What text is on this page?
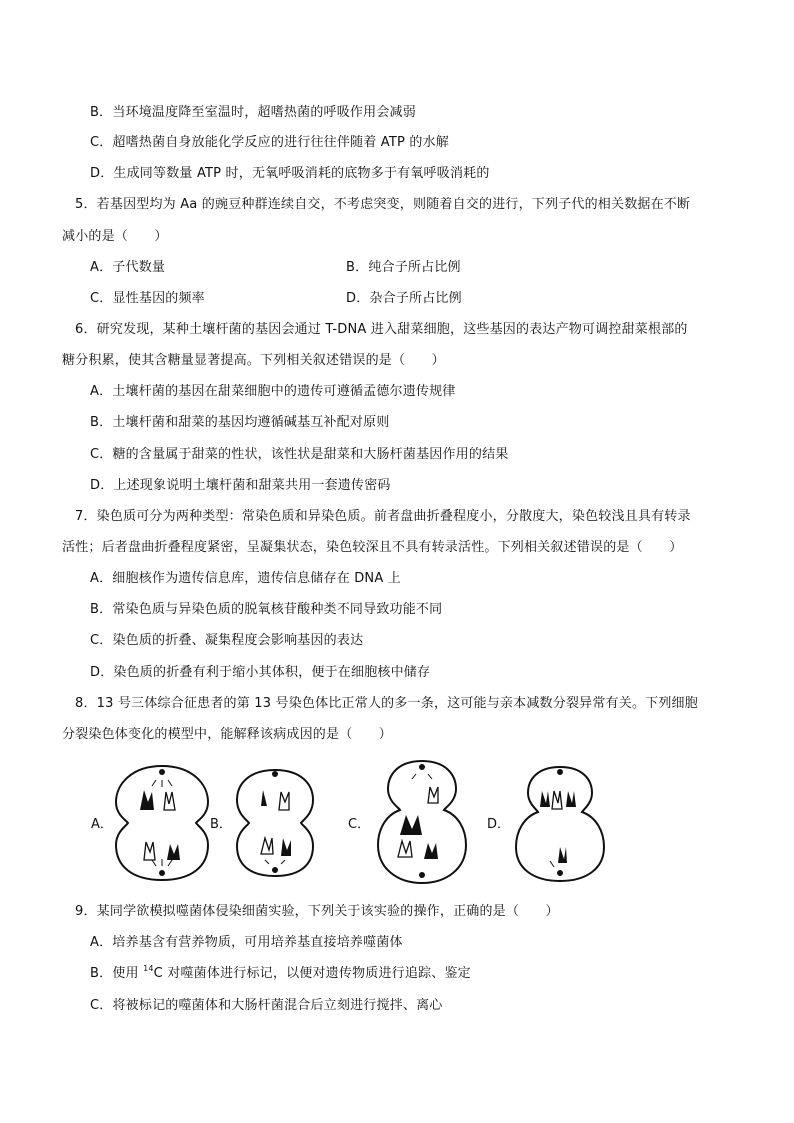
B．当环境温度降至室温时，超嗜热菌的呼吸作用会减弱
C．超嗜热菌自身放能化学反应的进行往往伴随着 ATP 的水解
D．生成同等数量 ATP 时，无氧呼吸消耗的底物多于有氧呼吸消耗的
5．若基因型均为 Aa 的豌豆种群连续自交，不考虑突变，则随着自交的进行，下列子代的相关数据在不断
减小的是（　　）
A．子代数量	B．纯合子所占比例
C．显性基因的频率	D．杂合子所占比例
6．研究发现，某种土壤杆菌的基因会通过 T-DNA 进入甜菜细胞，这些基因的表达产物可调控甜菜根部的
糖分积累，使其含糖量显著提高。下列相关叙述错误的是（　　）
A．土壤杆菌的基因在甜菜细胞中的遗传可遵循孟德尔遗传规律
B．土壤杆菌和甜菜的基因均遵循碱基互补配对原则
C．糖的含量属于甜菜的性状，该性状是甜菜和大肠杆菌基因作用的结果
D．上述现象说明土壤杆菌和甜菜共用一套遗传密码
7．染色质可分为两种类型：常染色质和异染色质。前者盘曲折叠程度小，分散度大，染色较浅且具有转录
活性；后者盘曲折叠程度紧密，呈凝集状态，染色较深且不具有转录活性。下列相关叙述错误的是（　　）
A．细胞核作为遗传信息库，遗传信息储存在 DNA 上
B．常染色质与异染色质的脱氧核苷酸种类不同导致功能不同
C．染色质的折叠、凝集程度会影响基因的表达
D．染色质的折叠有利于缩小其体积，便于在细胞核中储存
8．13 号三体综合征患者的第 13 号染色体比正常人的多一条，这可能与亲本减数分裂异常有关。下列细胞
分裂染色体变化的模型中，能解释该病成因的是（　　）
A．	B．	C．	D．
9．某同学欲模拟噬菌体侵染细菌实验，下列关于该实验的操作，正确的是（　　）
A．培养基含有营养物质，可用培养基直接培养噬菌体
B．使用 $^{14}$C 对噬菌体进行标记，以便对遗传物质进行追踪、鉴定
C．将被标记的噬菌体和大肠杆菌混合后立刻进行搅拌、离心
